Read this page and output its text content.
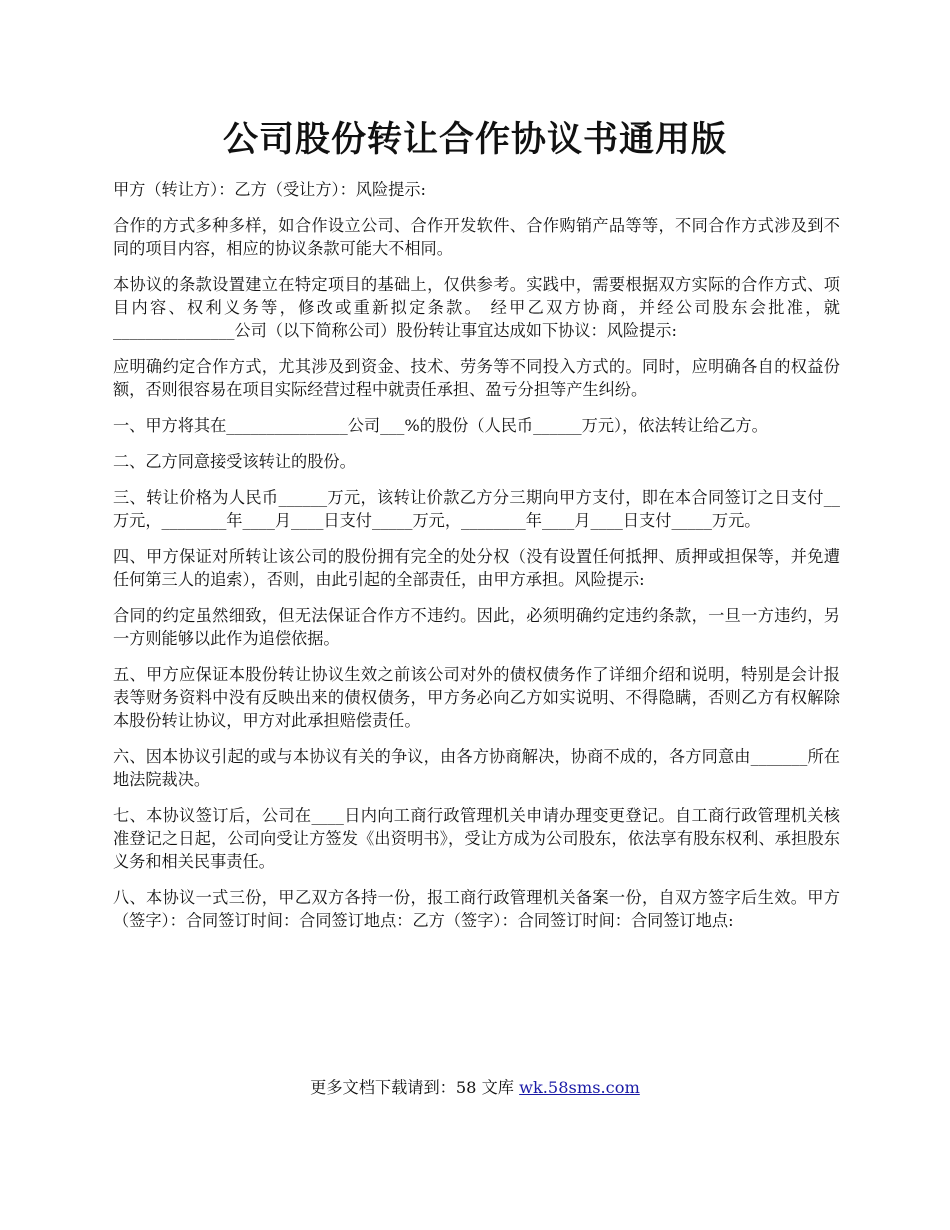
公司股份转让合作协议书通用版

甲方（转让方）：乙方（受让方）：风险提示:

合作的方式多种多样，如合作设立公司、合作开发软件、合作购销产品等等，不同合作方式涉及到不同的项目内容，相应的协议条款可能大不相同。

本协议的条款设置建立在特定项目的基础上，仅供参考。实践中，需要根据双方实际的合作方式、项目内容、权利义务等，修改或重新拟定条款。 经甲乙双方协商，并经公司股东会批准，就_______________公司（以下简称公司）股份转让事宜达成如下协议：风险提示:

应明确约定合作方式，尤其涉及到资金、技术、劳务等不同投入方式的。同时，应明确各自的权益份额，否则很容易在项目实际经营过程中就责任承担、盈亏分担等产生纠纷。

一、甲方将其在_______________公司___%的股份（人民币______万元），依法转让给乙方。

二、乙方同意接受该转让的股份。

三、转让价格为人民币______万元，该转让价款乙方分三期向甲方支付，即在本合同签订之日支付__万元，________年____月____日支付_____万元，________年____月____日支付_____万元。

四、甲方保证对所转让该公司的股份拥有完全的处分权（没有设置任何抵押、质押或担保等，并免遭任何第三人的追索），否则，由此引起的全部责任，由甲方承担。风险提示:

合同的约定虽然细致，但无法保证合作方不违约。因此，必须明确约定违约条款，一旦一方违约，另一方则能够以此作为追偿依据。

五、甲方应保证本股份转让协议生效之前该公司对外的债权债务作了详细介绍和说明，特别是会计报表等财务资料中没有反映出来的债权债务，甲方务必向乙方如实说明、不得隐瞒，否则乙方有权解除本股份转让协议，甲方对此承担赔偿责任。

六、因本协议引起的或与本协议有关的争议，由各方协商解决，协商不成的，各方同意由_______所在地法院裁决。

七、本协议签订后，公司在____日内向工商行政管理机关申请办理变更登记。自工商行政管理机关核准登记之日起，公司向受让方签发《出资明书》，受让方成为公司股东，依法享有股东权利、承担股东义务和相关民事责任。

八、本协议一式三份，甲乙双方各持一份，报工商行政管理机关备案一份，自双方签字后生效。甲方（签字）：合同签订时间：合同签订地点：乙方（签字）：合同签订时间：合同签订地点:

更多文档下载请到：58 文库 wk.58sms.com
